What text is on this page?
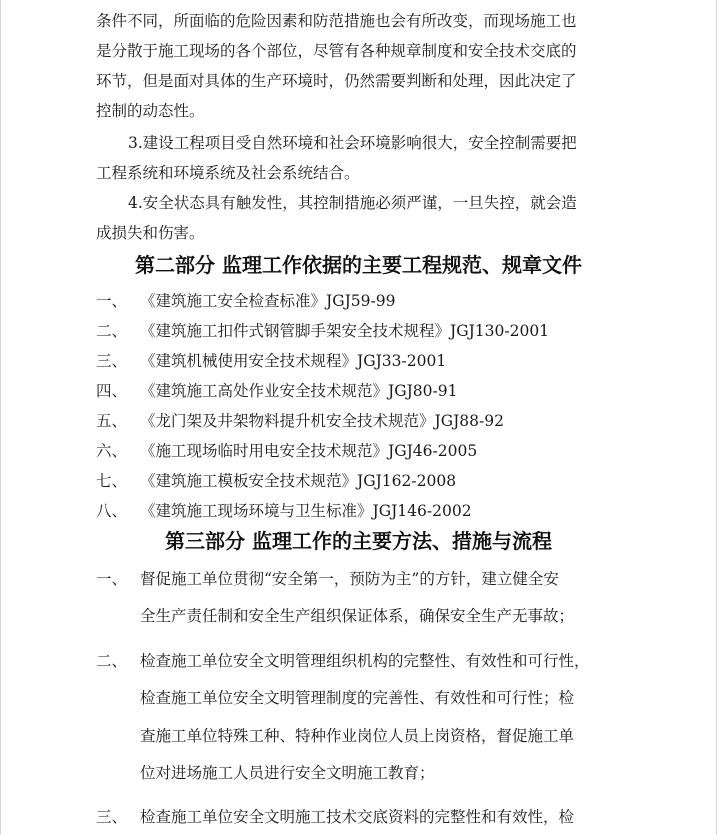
条件不同，所面临的危险因素和防范措施也会有所改变，而现场施工也
是分散于施工现场的各个部位，尽管有各种规章制度和安全技术交底的
环节，但是面对具体的生产环境时，仍然需要判断和处理，因此决定了
控制的动态性。
3.建设工程项目受自然环境和社会环境影响很大，安全控制需要把
工程系统和环境系统及社会系统结合。
4.安全状态具有触发性，其控制措施必须严谨，一旦失控，就会造
成损失和伤害。
第二部分 监理工作依据的主要工程规范、规章文件
一、 《建筑施工安全检查标准》JGJ59-99
二、 《建筑施工扣件式钢管脚手架安全技术规程》JGJ130-2001
三、 《建筑机械使用安全技术规程》JGJ33-2001
四、 《建筑施工高处作业安全技术规范》JGJ80-91
五、 《龙门架及井架物料提升机安全技术规范》JGJ88-92
六、 《施工现场临时用电安全技术规范》JGJ46-2005
七、 《建筑施工模板安全技术规范》JGJ162-2008
八、 《建筑施工现场环境与卫生标准》JGJ146-2002
第三部分 监理工作的主要方法、措施与流程
一、 督促施工单位贯彻“安全第一，预防为主”的方针，建立健全安
全生产责任制和安全生产组织保证体系，确保安全生产无事故；
二、 检查施工单位安全文明管理组织机构的完整性、有效性和可行性，
检查施工单位安全文明管理制度的完善性、有效性和可行性；检
查施工单位特殊工种、特种作业岗位人员上岗资格，督促施工单
位对进场施工人员进行安全文明施工教育；
三、 检查施工单位安全文明施工技术交底资料的完整性和有效性，检
